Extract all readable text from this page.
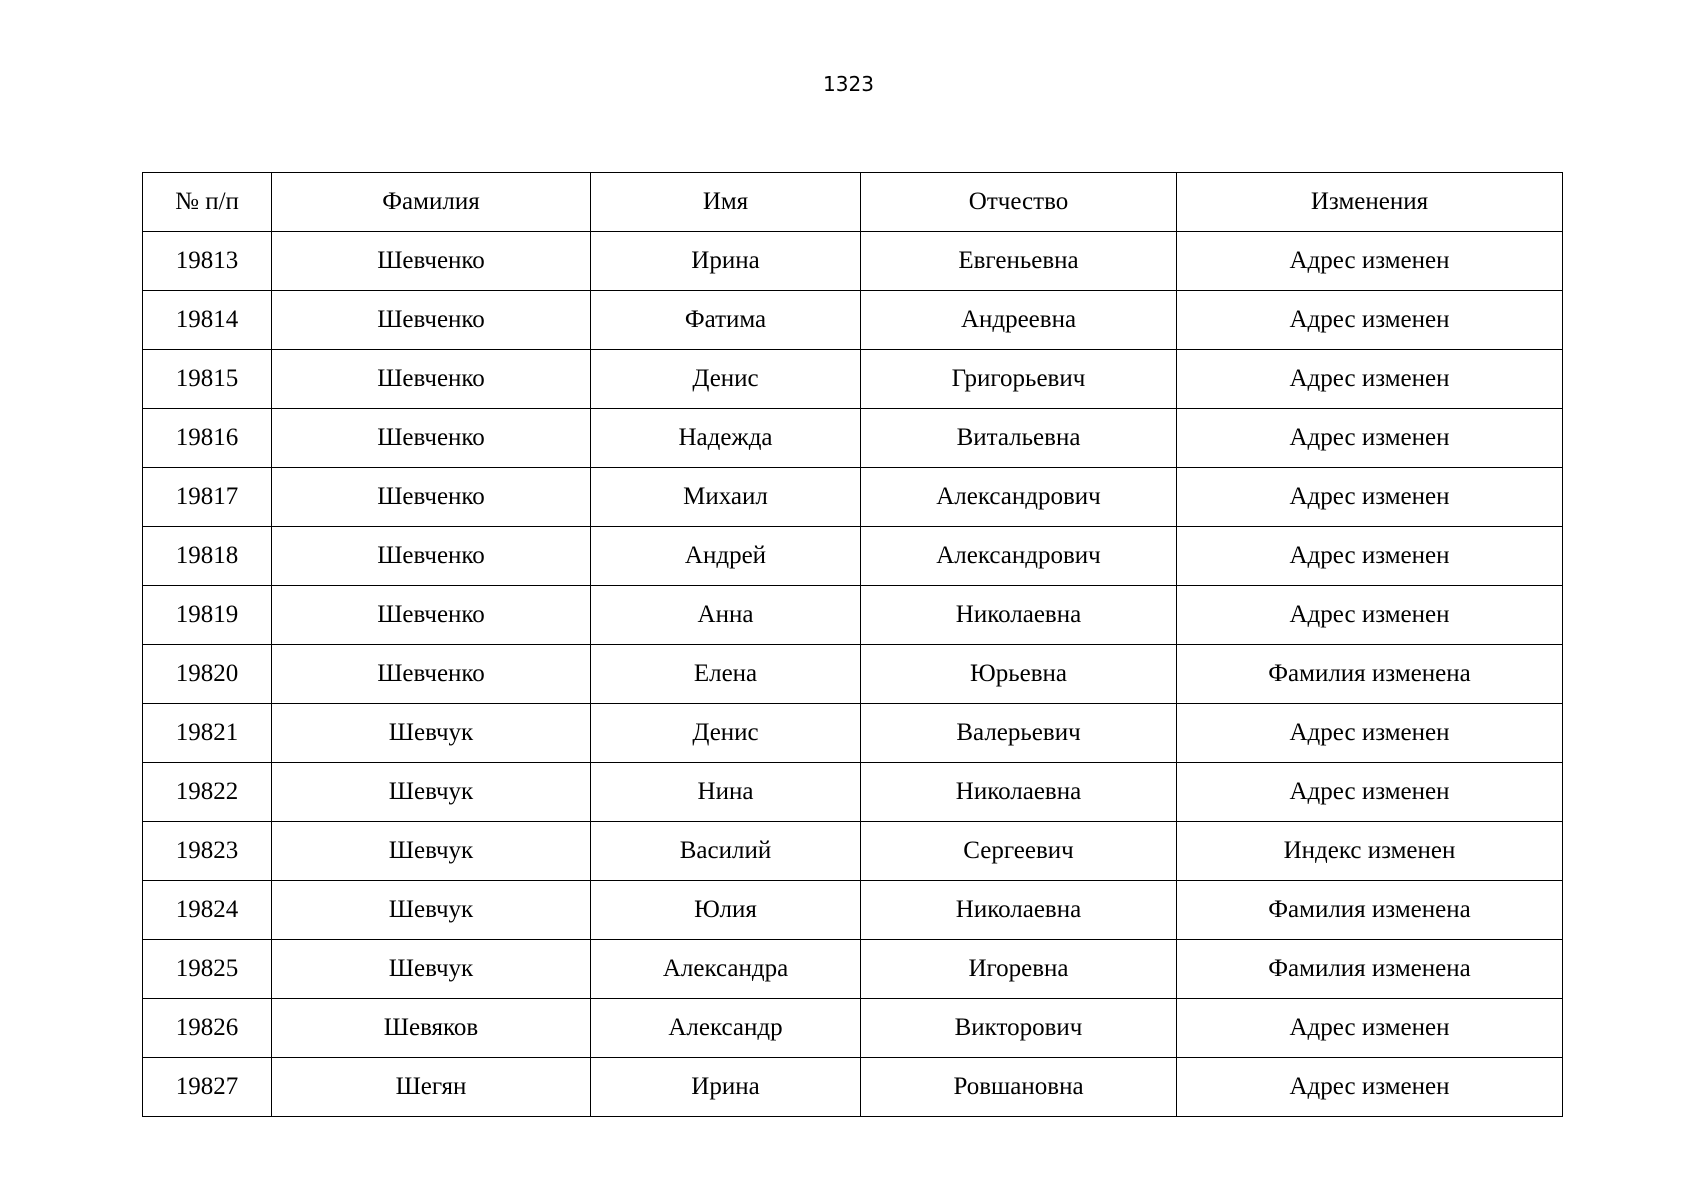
1323
№ п/п	Фамилия	Имя	Отчество	Изменения
19813	Шевченко	Ирина	Евгеньевна	Адрес изменен
19814	Шевченко	Фатима	Андреевна	Адрес изменен
19815	Шевченко	Денис	Григорьевич	Адрес изменен
19816	Шевченко	Надежда	Витальевна	Адрес изменен
19817	Шевченко	Михаил	Александрович	Адрес изменен
19818	Шевченко	Андрей	Александрович	Адрес изменен
19819	Шевченко	Анна	Николаевна	Адрес изменен
19820	Шевченко	Елена	Юрьевна	Фамилия изменена
19821	Шевчук	Денис	Валерьевич	Адрес изменен
19822	Шевчук	Нина	Николаевна	Адрес изменен
19823	Шевчук	Василий	Сергеевич	Индекс изменен
19824	Шевчук	Юлия	Николаевна	Фамилия изменена
19825	Шевчук	Александра	Игоревна	Фамилия изменена
19826	Шевяков	Александр	Викторович	Адрес изменен
19827	Шегян	Ирина	Ровшановна	Адрес изменен
